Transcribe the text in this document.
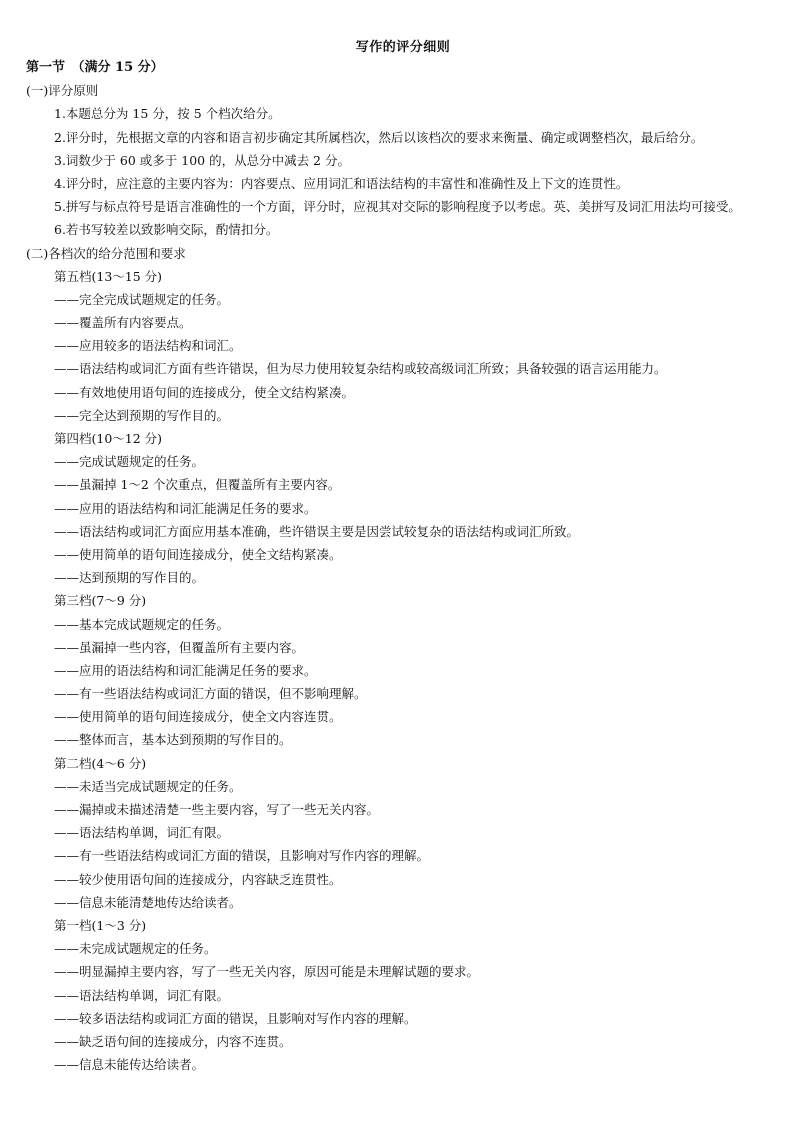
写作的评分细则
第一节　（满分 15 分）
(一)评分原则
1.本题总分为 15 分，按 5 个档次给分。
2.评分时，先根据文章的内容和语言初步确定其所属档次，然后以该档次的要求来衡量、确定或调整档次，最后给分。
3.词数少于 60 或多于 100 的，从总分中减去 2 分。
4.评分时，应注意的主要内容为：内容要点、应用词汇和语法结构的丰富性和准确性及上下文的连贯性。
5.拼写与标点符号是语言准确性的一个方面，评分时，应视其对交际的影响程度予以考虑。英、美拼写及词汇用法均可接受。
6.若书写较差以致影响交际，酌情扣分。
(二)各档次的给分范围和要求
第五档(13～15 分)
——完全完成试题规定的任务。
——覆盖所有内容要点。
——应用较多的语法结构和词汇。
——语法结构或词汇方面有些许错误，但为尽力使用较复杂结构或较高级词汇所致；具备较强的语言运用能力。
——有效地使用语句间的连接成分，使全文结构紧凑。
——完全达到预期的写作目的。
第四档(10～12 分)
——完成试题规定的任务。
——虽漏掉 1～2 个次重点，但覆盖所有主要内容。
——应用的语法结构和词汇能满足任务的要求。
——语法结构或词汇方面应用基本准确，些许错误主要是因尝试较复杂的语法结构或词汇所致。
——使用简单的语句间连接成分，使全文结构紧凑。
——达到预期的写作目的。
第三档(7～9 分)
——基本完成试题规定的任务。
——虽漏掉一些内容，但覆盖所有主要内容。
——应用的语法结构和词汇能满足任务的要求。
——有一些语法结构或词汇方面的错误，但不影响理解。
——使用简单的语句间连接成分，使全文内容连贯。
——整体而言，基本达到预期的写作目的。
第二档(4～6 分)
——未适当完成试题规定的任务。
——漏掉或未描述清楚一些主要内容，写了一些无关内容。
——语法结构单调，词汇有限。
——有一些语法结构或词汇方面的错误，且影响对写作内容的理解。
——较少使用语句间的连接成分，内容缺乏连贯性。
——信息未能清楚地传达给读者。
第一档(1～3 分)
——未完成试题规定的任务。
——明显漏掉主要内容，写了一些无关内容，原因可能是未理解试题的要求。
——语法结构单调，词汇有限。
——较多语法结构或词汇方面的错误，且影响对写作内容的理解。
——缺乏语句间的连接成分，内容不连贯。
——信息未能传达给读者。
